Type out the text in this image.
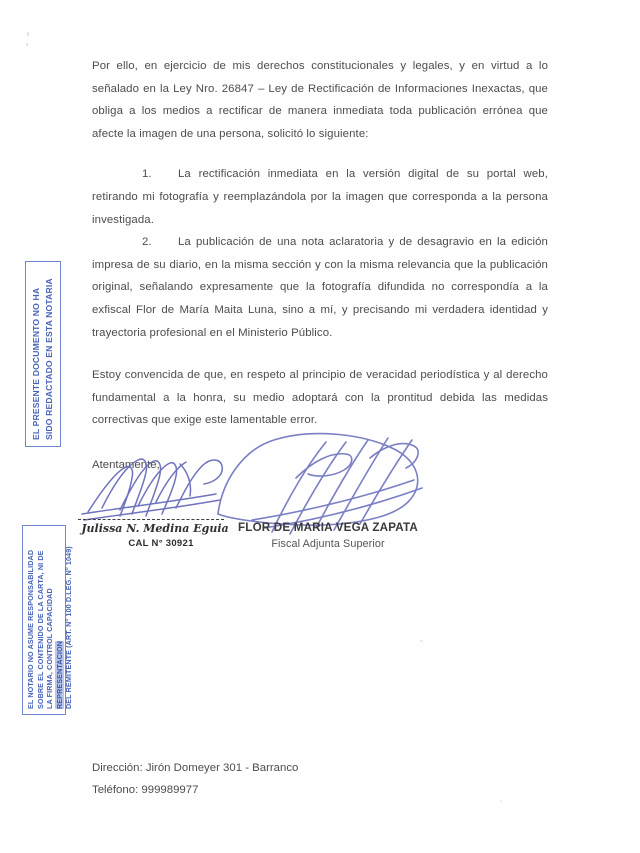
Por ello, en ejercicio de mis derechos constitucionales y legales, y en virtud a lo señalado en la Ley Nro. 26847 – Ley de Rectificación de Informaciones Inexactas, que obliga a los medios a rectificar de manera inmediata toda publicación errónea que afecte la imagen de una persona, solicitó lo siguiente:

1. La rectificación inmediata en la versión digital de su portal web, retirando mi fotografía y reemplazándola por la imagen que corresponda a la persona investigada.

2. La publicación de una nota aclaratoria y de desagravio en la edición impresa de su diario, en la misma sección y con la misma relevancia que la publicación original, señalando expresamente que la fotografía difundida no correspondía a la exfiscal Flor de María Maita Luna, sino a mí, y precisando mi verdadera identidad y trayectoria profesional en el Ministerio Público.

Estoy convencida de que, en respeto al principio de veracidad periodística y al derecho fundamental a la honra, su medio adoptará con la prontitud debida las medidas correctivas que exige este lamentable error.

Atentamente,

Julissa N. Medina Eguia
CAL N° 30921
FLOR DE MARIA VEGA ZAPATA
Fiscal Adjunta Superior
EL PRESENTE DOCUMENTO NO HA SIDO REDACTADO EN ESTA NOTARIA
EL NOTARIO NO ASUME RESPONSABILIDAD SOBRE EL CONTENIDO DE LA CARTA, NI DE LA FIRMA, CONTROL CAPACIDAD REPRESENTACION DEL REMITENTE (ART. N° 100 D.LEG. N° 1049)
Dirección: Jirón Domeyer 301 - Barranco
Teléfono: 999989977
